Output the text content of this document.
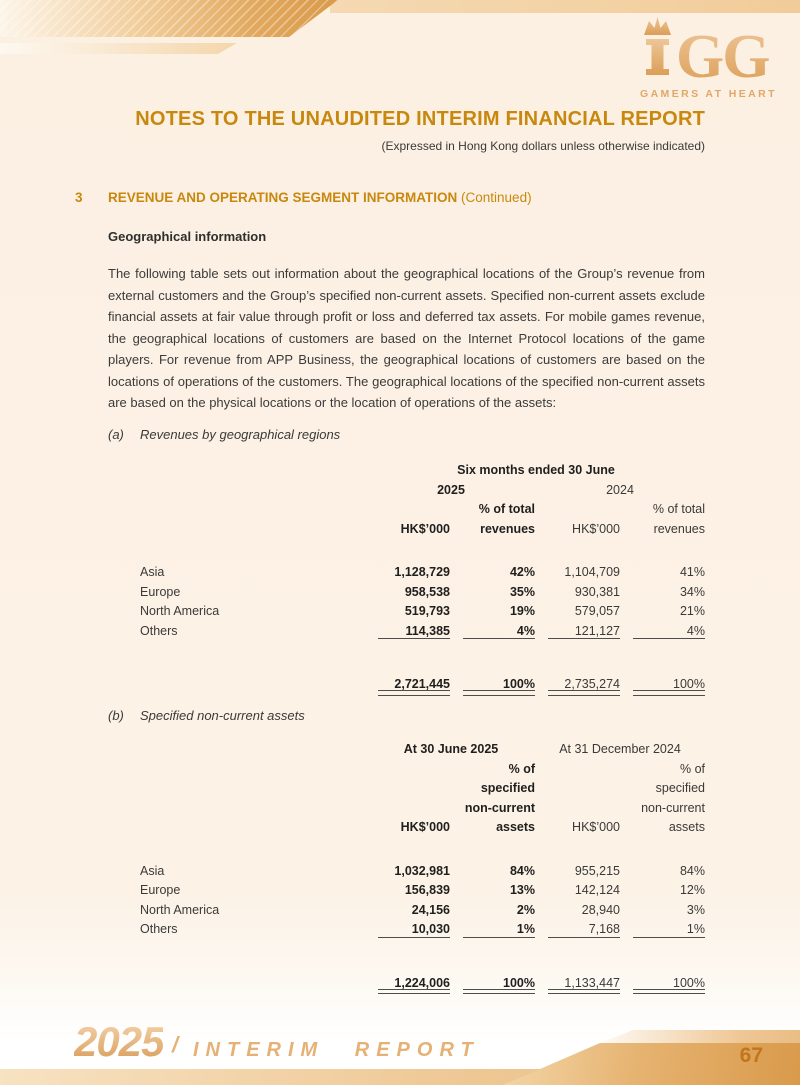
GG
GAMERS AT HEART
NOTES TO THE UNAUDITED INTERIM FINANCIAL REPORT
(Expressed in Hong Kong dollars unless otherwise indicated)
3 REVENUE AND OPERATING SEGMENT INFORMATION (Continued)
Geographical information
The following table sets out information about the geographical locations of the Group’s revenue from external customers and the Group’s specified non-current assets. Specified non-current assets exclude financial assets at fair value through profit or loss and deferred tax assets. For mobile games revenue, the geographical locations of customers are based on the Internet Protocol locations of the game players. For revenue from APP Business, the geographical locations of customers are based on the locations of operations of the customers. The geographical locations of the specified non-current assets are based on the physical locations or the location of operations of the assets:
(a) Revenues by geographical regions
Six months ended 30 June
2025	2024
% of total	% of total
HK$’000	revenues	HK$’000	revenues
Asia	1,128,729	42%	1,104,709	41%
Europe	958,538	35%	930,381	34%
North America	519,793	19%	579,057	21%
Others	114,385	4%	121,127	4%
2,721,445	100%	2,735,274	100%
(b) Specified non-current assets
At 30 June 2025	At 31 December 2024
% of	% of
specified	specified
non-current	non-current
HK$’000	assets	HK$’000	assets
Asia	1,032,981	84%	955,215	84%
Europe	156,839	13%	142,124	12%
North America	24,156	2%	28,940	3%
Others	10,030	1%	7,168	1%
1,224,006	100%	1,133,447	100%
2025 / INTERIM REPORT	67
